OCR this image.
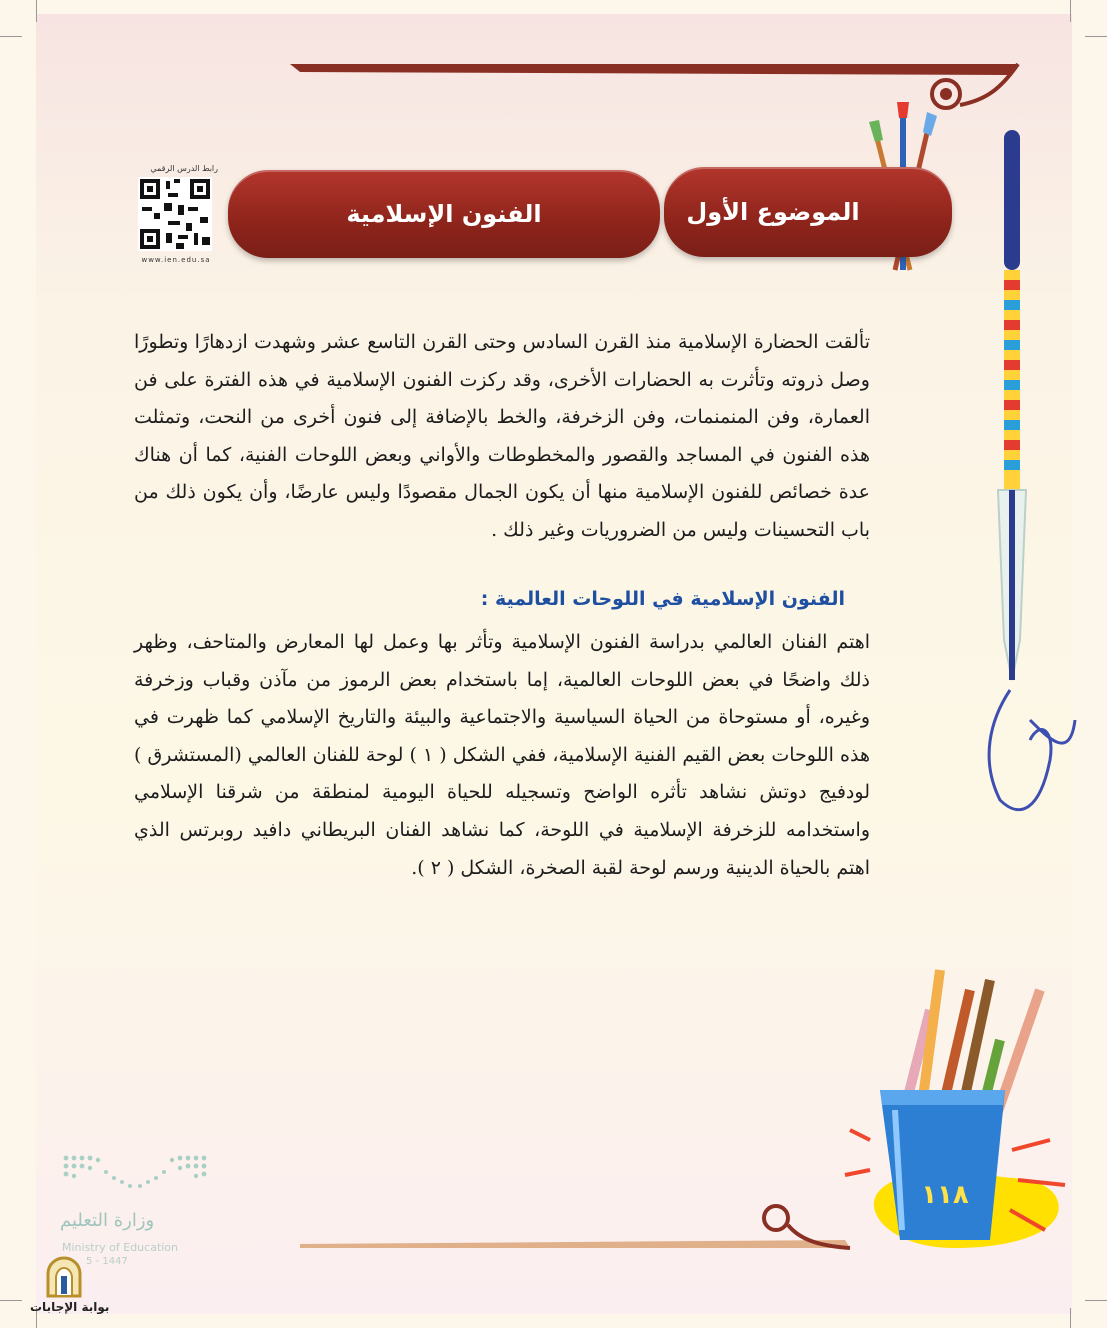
الموضوع الأول
الفنون الإسلامية
رابط الدرس الرقمي
www.ien.edu.sa

تألقت الحضارة الإسلامية منذ القرن السادس وحتى القرن التاسع عشر وشهدت ازدهارًا وتطورًا وصل ذروته وتأثرت به الحضارات الأخرى، وقد ركزت الفنون الإسلامية في هذه الفترة على فن العمارة، وفن المنمنمات، وفن الزخرفة، والخط بالإضافة إلى فنون أخرى من النحت، وتمثلت هذه الفنون في المساجد والقصور والمخطوطات والأواني وبعض اللوحات الفنية، كما أن هناك عدة خصائص للفنون الإسلامية منها أن يكون الجمال مقصودًا وليس عارضًا، وأن يكون ذلك من باب التحسينات وليس من الضروريات وغير ذلك .

الفنون الإسلامية في اللوحات العالمية :

اهتم الفنان العالمي بدراسة الفنون الإسلامية وتأثر بها وعمل لها المعارض والمتاحف، وظهر ذلك واضحًا في بعض اللوحات العالمية، إما باستخدام بعض الرموز من مآذن وقباب وزخرفة وغيره، أو مستوحاة من الحياة السياسية والاجتماعية والبيئة والتاريخ الإسلامي كما ظهرت في هذه اللوحات بعض القيم الفنية الإسلامية، ففي الشكل ( ١ ) لوحة للفنان العالمي (المستشرق ) لودفيج دوتش نشاهد تأثره الواضح وتسجيله للحياة اليومية لمنطقة من شرقنا الإسلامي واستخدامه للزخرفة الإسلامية في اللوحة، كما نشاهد الفنان البريطاني دافيد روبرتس الذي اهتم بالحياة الدينية ورسم لوحة لقبة الصخرة، الشكل ( ٢ ).

١١٨
وزارة التعليم
Ministry of Education
5 - 1447
بوابة الإجابات
